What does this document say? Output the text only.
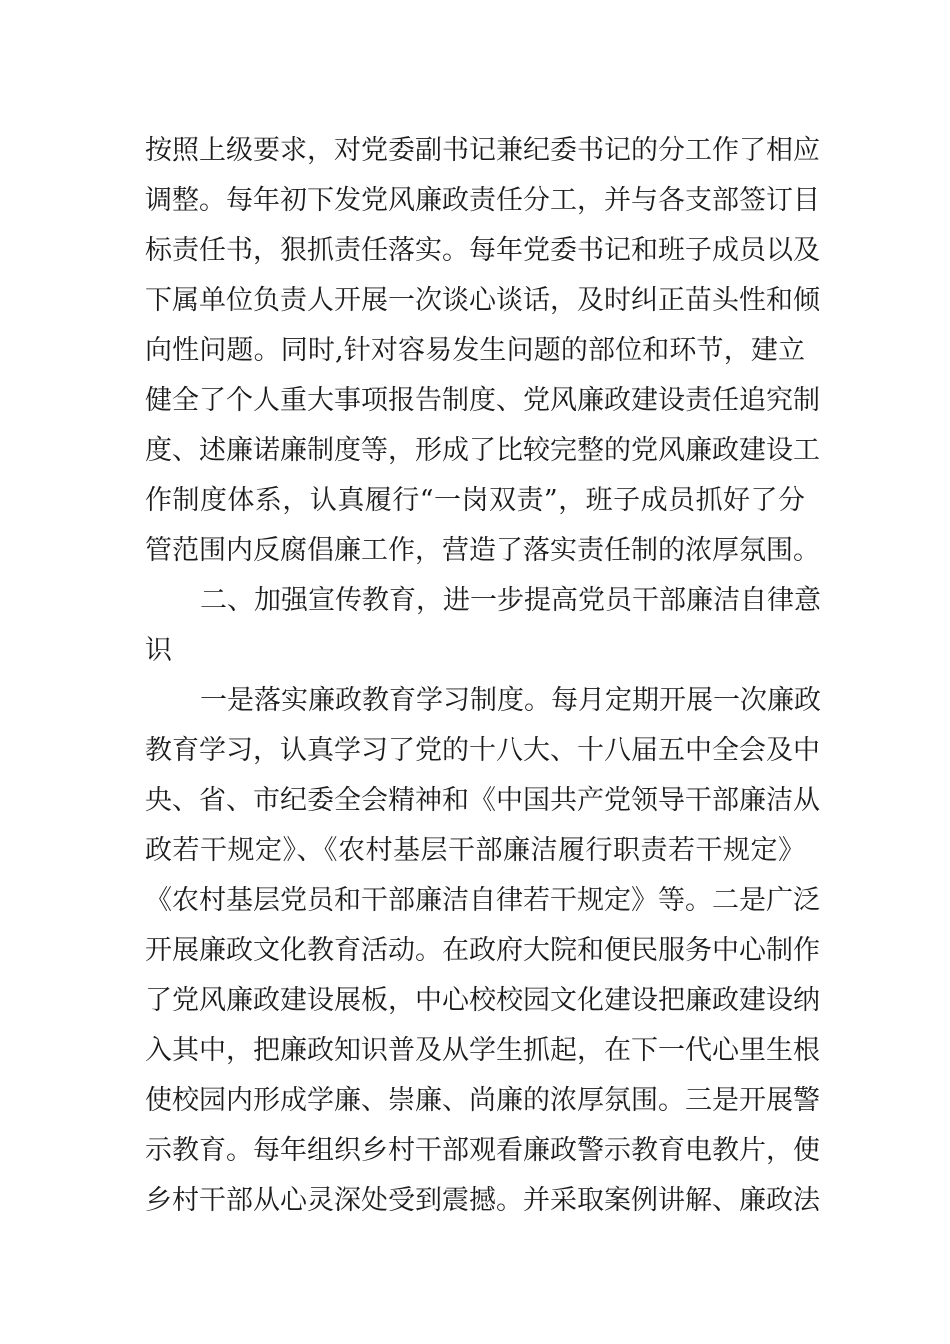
按照上级要求，对党委副书记兼纪委书记的分工作了相应
调整。每年初下发党风廉政责任分工，并与各支部签订目
标责任书，狠抓责任落实。每年党委书记和班子成员以及
下属单位负责人开展一次谈心谈话，及时纠正苗头性和倾
向性问题。同时,针对容易发生问题的部位和环节，建立
健全了个人重大事项报告制度、党风廉政建设责任追究制
度、述廉诺廉制度等，形成了比较完整的党风廉政建设工
作制度体系，认真履行“一岗双责”，班子成员抓好了分
管范围内反腐倡廉工作，营造了落实责任制的浓厚氛围。
二、加强宣传教育，进一步提高党员干部廉洁自律意
识
一是落实廉政教育学习制度。每月定期开展一次廉政
教育学习，认真学习了党的十八大、十八届五中全会及中
央、省、市纪委全会精神和《中国共产党领导干部廉洁从
政若干规定》、《农村基层干部廉洁履行职责若干规定》
《农村基层党员和干部廉洁自律若干规定》等。二是广泛
开展廉政文化教育活动。在政府大院和便民服务中心制作
了党风廉政建设展板，中心校校园文化建设把廉政建设纳
入其中，把廉政知识普及从学生抓起，在下一代心里生根
使校园内形成学廉、崇廉、尚廉的浓厚氛围。三是开展警
示教育。每年组织乡村干部观看廉政警示教育电教片，使
乡村干部从心灵深处受到震撼。并采取案例讲解、廉政法
